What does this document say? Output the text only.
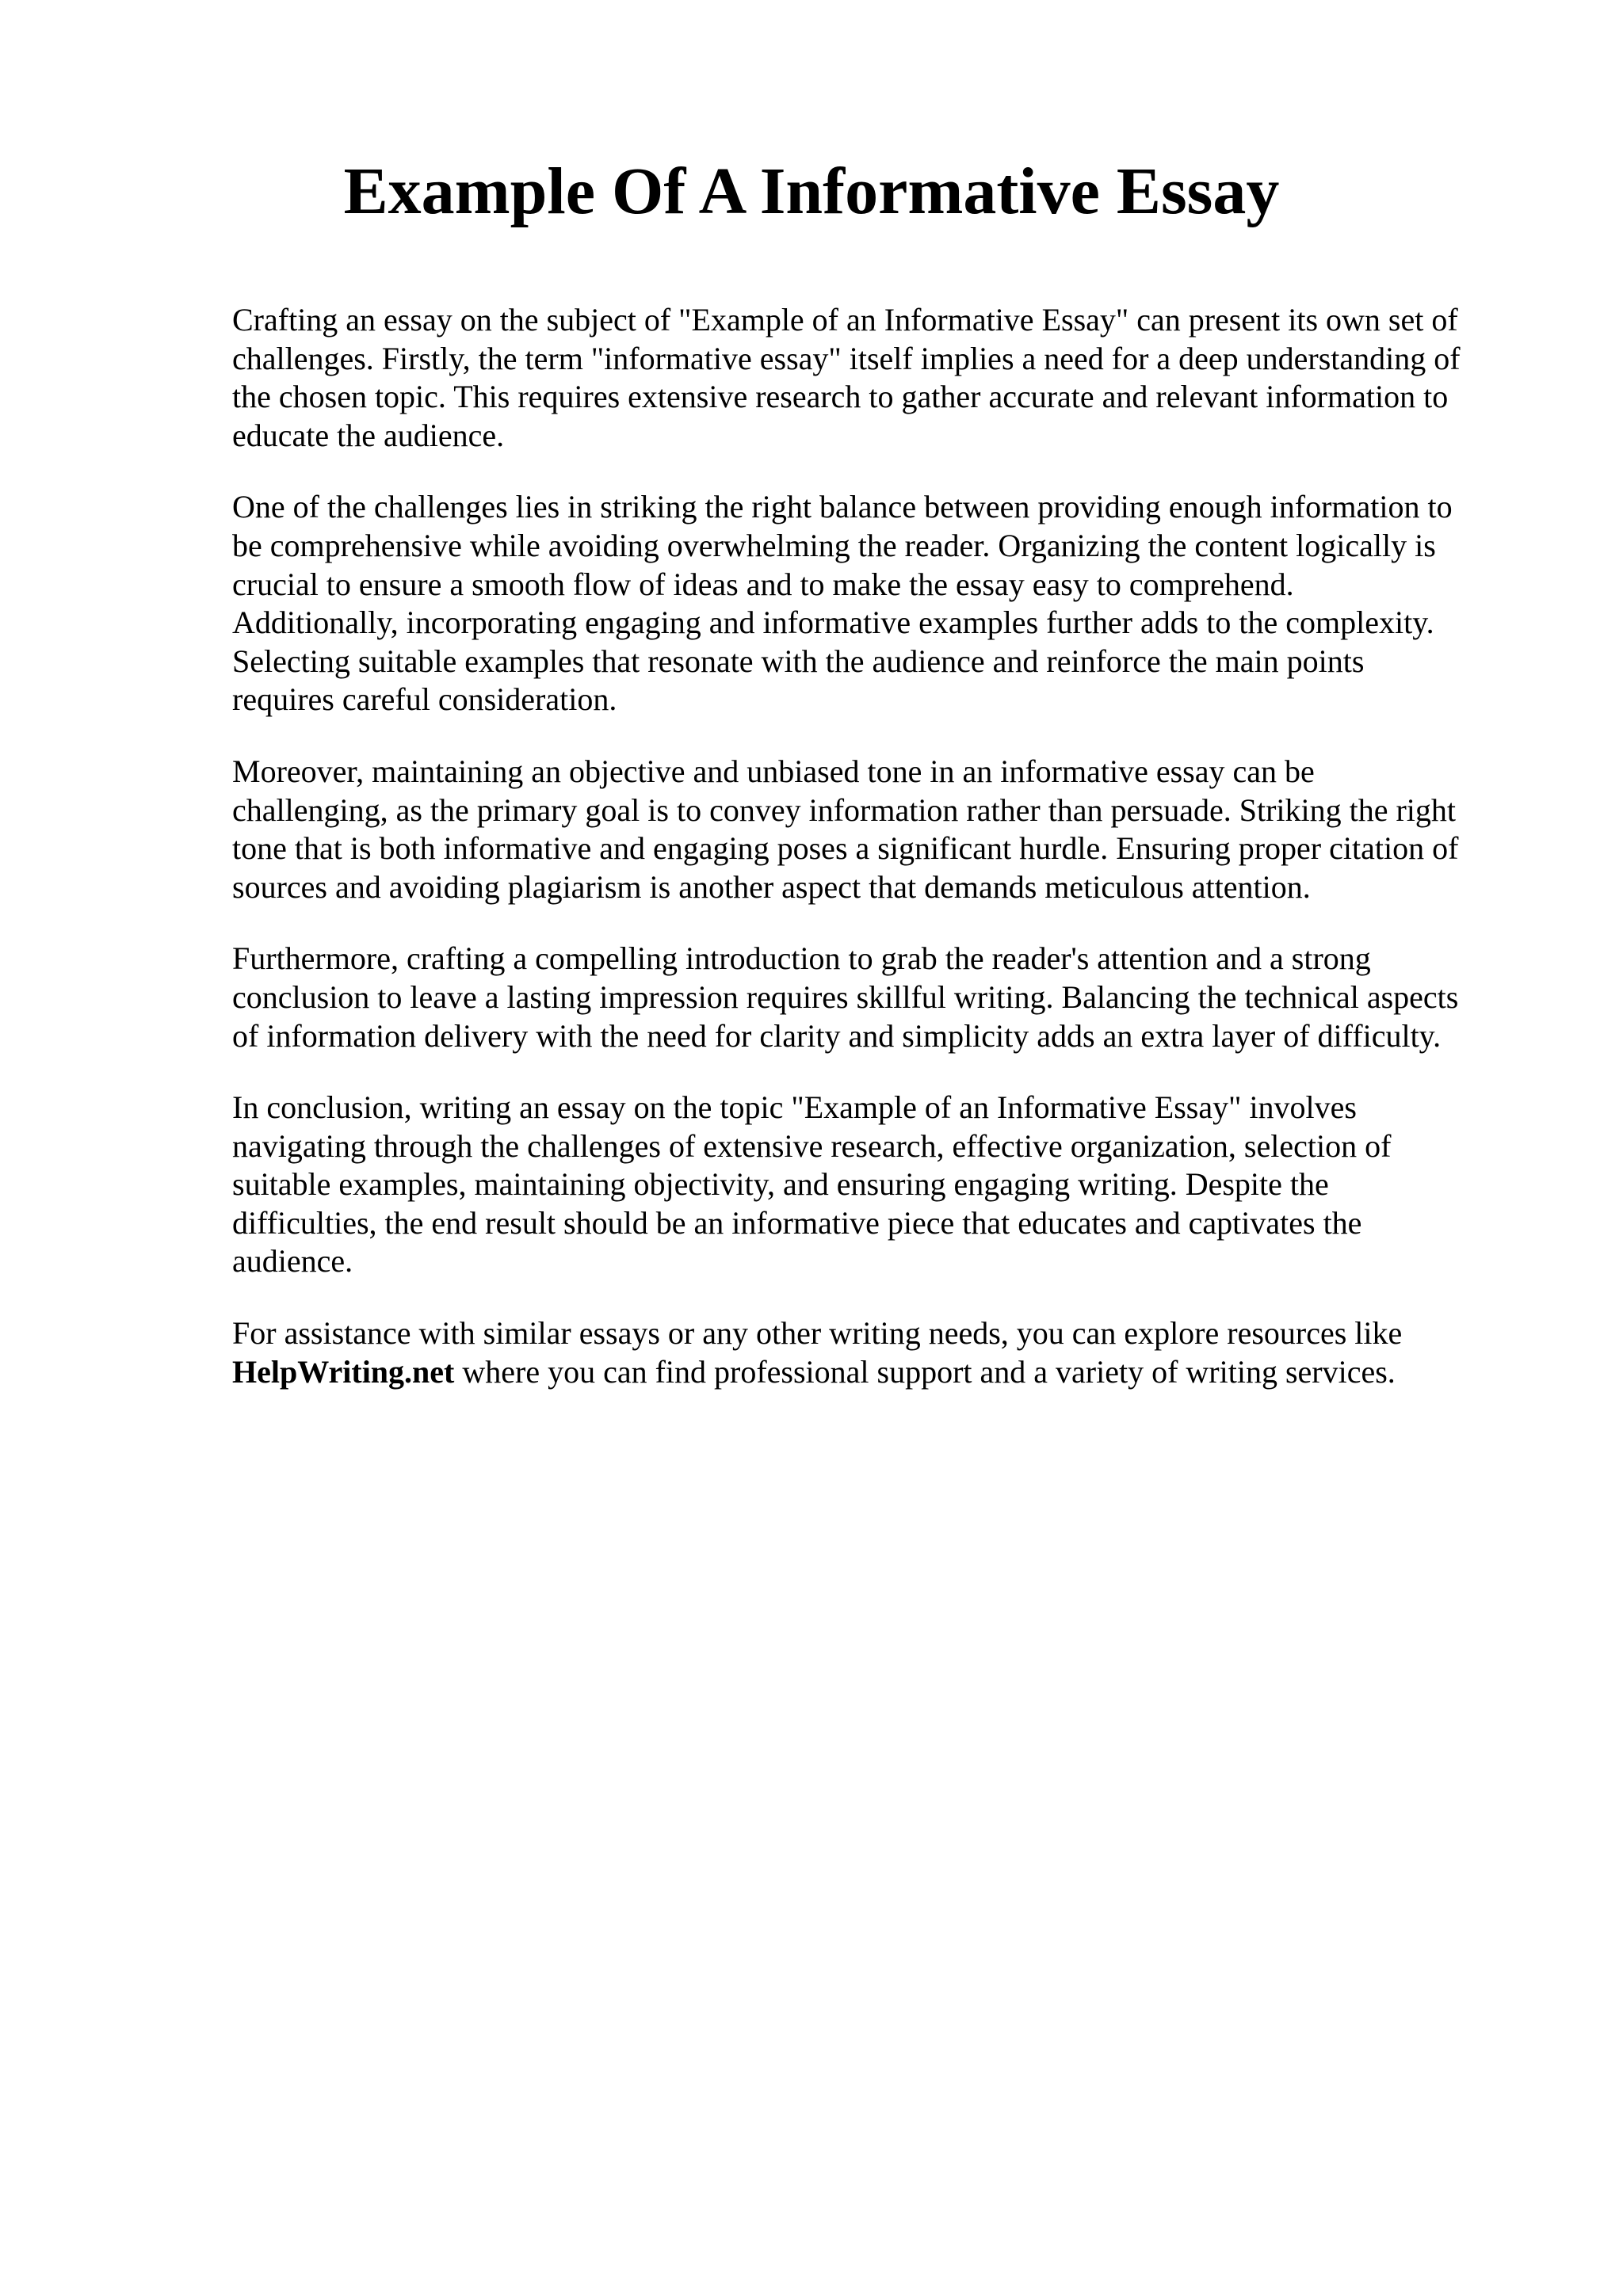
Example Of A Informative Essay

Crafting an essay on the subject of "Example of an Informative Essay" can present its own set of
challenges. Firstly, the term "informative essay" itself implies a need for a deep understanding of
the chosen topic. This requires extensive research to gather accurate and relevant information to
educate the audience.

One of the challenges lies in striking the right balance between providing enough information to
be comprehensive while avoiding overwhelming the reader. Organizing the content logically is
crucial to ensure a smooth flow of ideas and to make the essay easy to comprehend.
Additionally, incorporating engaging and informative examples further adds to the complexity.
Selecting suitable examples that resonate with the audience and reinforce the main points
requires careful consideration.

Moreover, maintaining an objective and unbiased tone in an informative essay can be
challenging, as the primary goal is to convey information rather than persuade. Striking the right
tone that is both informative and engaging poses a significant hurdle. Ensuring proper citation of
sources and avoiding plagiarism is another aspect that demands meticulous attention.

Furthermore, crafting a compelling introduction to grab the reader's attention and a strong
conclusion to leave a lasting impression requires skillful writing. Balancing the technical aspects
of information delivery with the need for clarity and simplicity adds an extra layer of difficulty.

In conclusion, writing an essay on the topic "Example of an Informative Essay" involves
navigating through the challenges of extensive research, effective organization, selection of
suitable examples, maintaining objectivity, and ensuring engaging writing. Despite the
difficulties, the end result should be an informative piece that educates and captivates the
audience.

For assistance with similar essays or any other writing needs, you can explore resources like
HelpWriting.net where you can find professional support and a variety of writing services.
